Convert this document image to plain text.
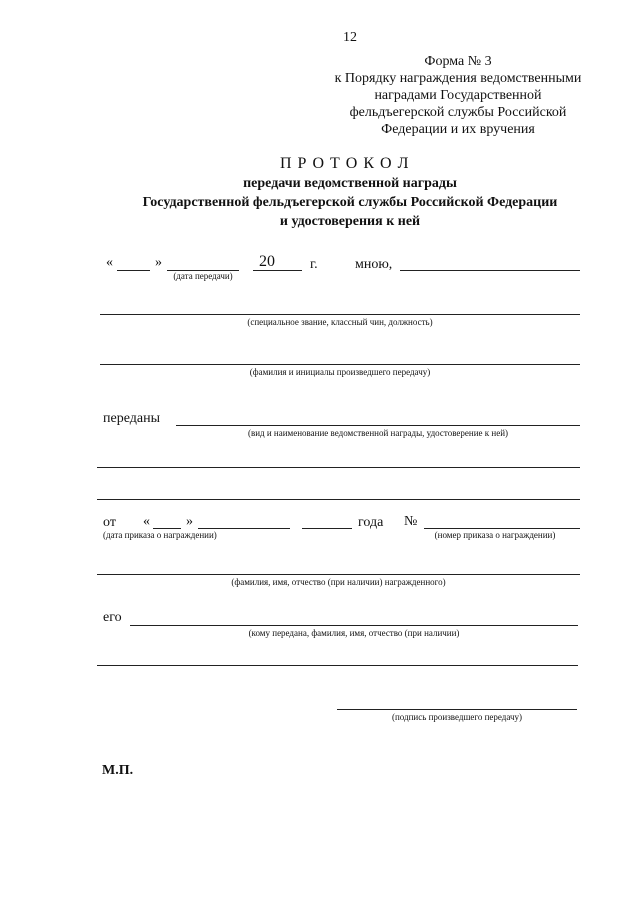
12
Форма № 3
к Порядку награждения ведомственными
наградами Государственной
фельдъегерской службы Российской
Федерации и их вручения
П Р О Т О К О Л
передачи ведомственной награды
Государственной фельдъегерской службы Российской Федерации
и удостоверения к ней
«	»
(дата передачи)
20	г.	мною,
(специальное звание, классный чин, должность)
(фамилия и инициалы произведшего передачу)
переданы
(вид и наименование ведомственной награды, удостоверение к ней)
от «	»	года №
(дата приказа о награждении)	(номер приказа о награждении)
(фамилия, имя, отчество (при наличии) награжденного)
его
(кому передана, фамилия, имя, отчество (при наличии)
(подпись произведшего передачу)
М.П.
